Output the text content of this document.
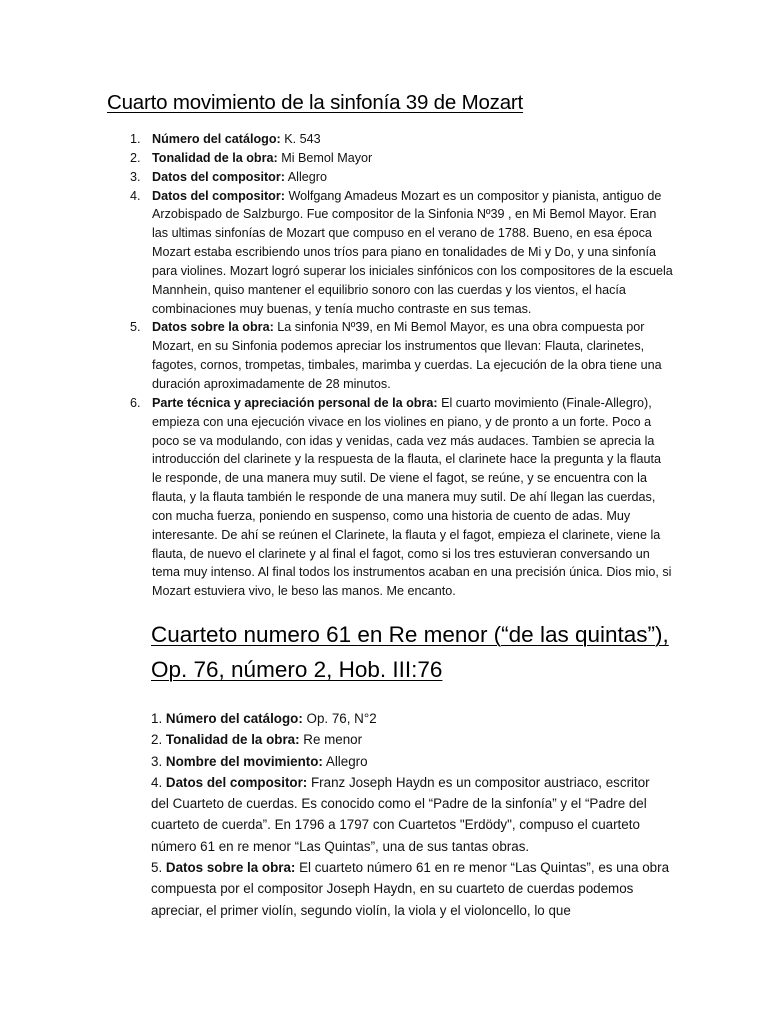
Cuarto movimiento de la sinfonía 39 de Mozart
1. Número del catálogo: K. 543
2. Tonalidad de la obra: Mi Bemol Mayor
3. Datos del compositor: Allegro
4. Datos del compositor: Wolfgang Amadeus Mozart es un compositor y pianista, antiguo de Arzobispado de Salzburgo. Fue compositor de la Sinfonia Nº39 , en Mi Bemol Mayor. Eran las ultimas sinfonías de Mozart que compuso en el verano de 1788. Bueno, en esa época Mozart estaba escribiendo unos tríos para piano en tonalidades de Mi y Do, y una sinfonía para violines. Mozart logró superar los iniciales sinfónicos con los compositores de la escuela Mannhein, quiso mantener el equilibrio sonoro con las cuerdas y los vientos, el hacía combinaciones muy buenas, y tenía mucho contraste en sus temas.
5. Datos sobre la obra: La sinfonia Nº39, en Mi Bemol Mayor, es una obra compuesta por Mozart, en su Sinfonia podemos apreciar los instrumentos que llevan: Flauta, clarinetes, fagotes, cornos, trompetas, timbales, marimba y cuerdas. La ejecución de la obra tiene una duración aproximadamente de 28 minutos.
6. Parte técnica y apreciación personal de la obra: El cuarto movimiento (Finale-Allegro), empieza con una ejecución vivace en los violines en piano, y de pronto a un forte. Poco a poco se va modulando, con idas y venidas, cada vez más audaces. Tambien se aprecia la introducción del clarinete y la respuesta de la flauta, el clarinete hace la pregunta y la flauta le responde, de una manera muy sutil. De viene el fagot, se reúne, y se encuentra con la flauta, y la flauta también le responde de una manera muy sutil. De ahí llegan las cuerdas, con mucha fuerza, poniendo en suspenso, como una historia de cuento de adas. Muy interesante. De ahí se reúnen el Clarinete, la flauta y el fagot, empieza el clarinete, viene la flauta, de nuevo el clarinete y al final el fagot, como si los tres estuvieran conversando un tema muy intenso. Al final todos los instrumentos acaban en una precisión única. Dios mio, si Mozart estuviera vivo, le beso las manos. Me encanto.
Cuarteto numero 61 en Re menor (“de las quintas”), Op. 76, número 2, Hob. III:76

1. Número del catálogo: Op. 76, N°2

2. Tonalidad de la obra: Re menor

3. Nombre del movimiento: Allegro

4. Datos del compositor: Franz Joseph Haydn es un compositor austriaco, escritor del Cuarteto de cuerdas. Es conocido como el “Padre de la sinfonía” y el “Padre del cuarteto de cuerda”. En 1796 a 1797 con Cuartetos "Erdödy", compuso el cuarteto número 61 en re menor “Las Quintas”, una de sus tantas obras.

5. Datos sobre la obra: El cuarteto número 61 en re menor “Las Quintas”, es una obra compuesta por el compositor Joseph Haydn, en su cuarteto de cuerdas podemos apreciar, el primer violín, segundo violín, la viola y el violoncello, lo que
